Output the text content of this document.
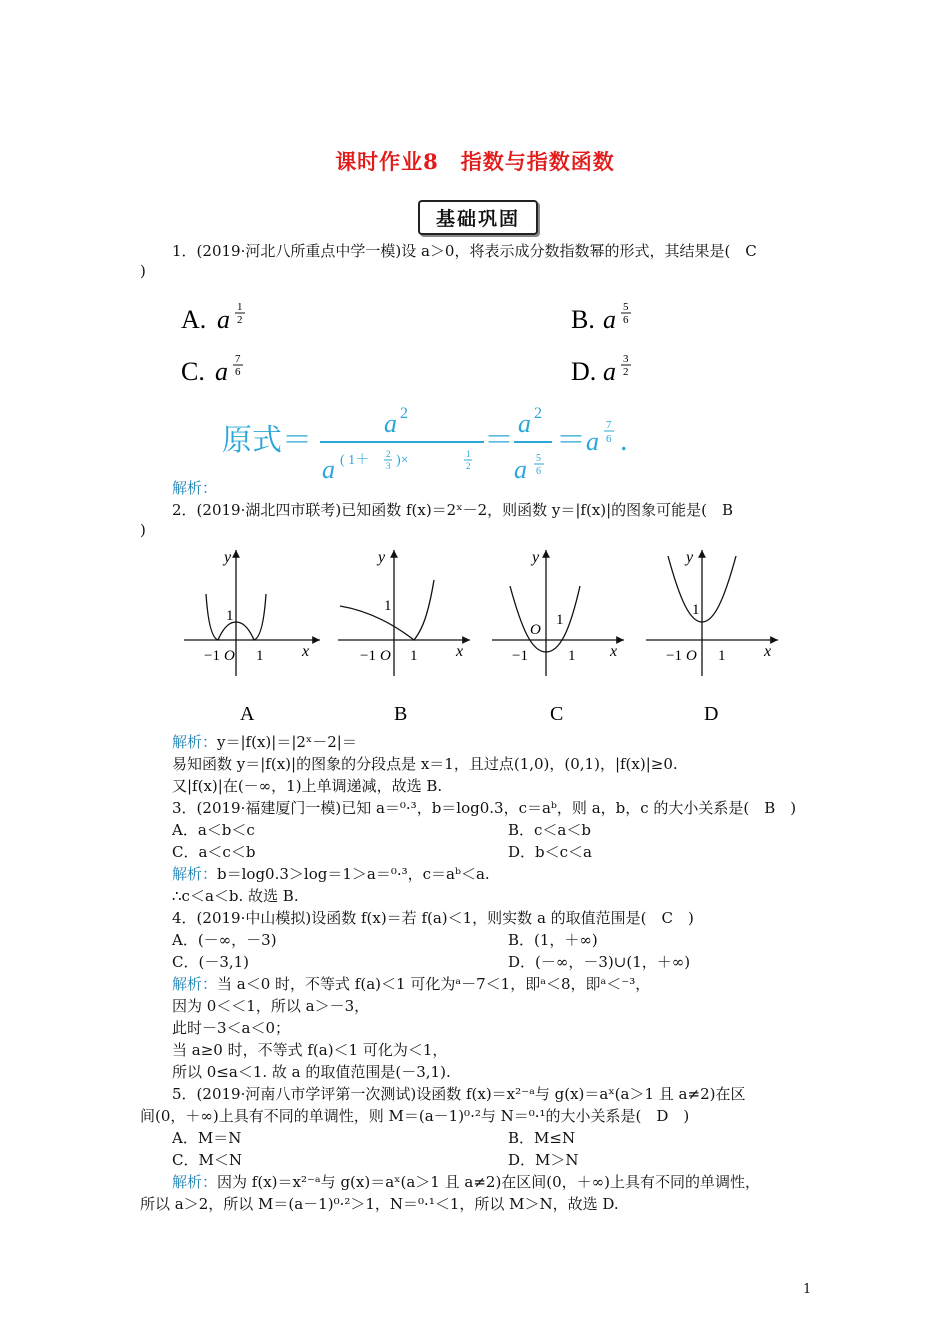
课时作业8　指数与指数函数
基础巩固
1．(2019·河北八所重点中学一模)设 a＞0，将表示成分数指数幂的形式，其结果是(　C
)
A. a 1
2	B. a 5
6
C. a 7
6	D. a 3
2
原式＝
a 2
a ( 1＋ 2
3 )×	1
2
＝
a 2
a 5
6
＝ a
7
6 .
解析：
2．(2019·湖北四市联考)已知函数 f(x)＝2ˣ－2，则函数 y＝|f(x)|的图象可能是(　B
)
y
x
1
−1 O 1
A
y
x
1
−1 O 1
B
y
x
1
O
−1	1
C
y
x
1
−1 O 1
D
解析：y＝|f(x)|＝|2ˣ－2|＝
易知函数 y＝|f(x)|的图象的分段点是 x＝1，且过点(1,0)，(0,1)，|f(x)|≥0.
又|f(x)|在(－∞，1)上单调递减，故选 B.
3．(2019·福建厦门一模)已知 a＝⁰·³，b＝log0.3，c＝aᵇ，则 a，b，c 的大小关系是(　B　)
A．a＜b＜c	B．c＜a＜b
C．a＜c＜b	D．b＜c＜a
解析：b＝log0.3＞log＝1＞a＝⁰·³，c＝aᵇ＜a.
∴c＜a＜b. 故选 B.
4．(2019·中山模拟)设函数 f(x)＝若 f(a)＜1，则实数 a 的取值范围是(　C　)
A．(－∞，－3)	B．(1，＋∞)
C．(－3,1)	D．(－∞，－3)∪(1，＋∞)
解析：当 a＜0 时，不等式 f(a)＜1 可化为ᵃ－7＜1，即ᵃ＜8，即ᵃ＜⁻³，
因为 0＜＜1，所以 a＞－3，
此时－3＜a＜0；
当 a≥0 时，不等式 f(a)＜1 可化为＜1，
所以 0≤a＜1. 故 a 的取值范围是(－3,1).
5．(2019·河南八市学评第一次测试)设函数 f(x)＝x²⁻ᵃ与 g(x)＝aˣ(a＞1 且 a≠2)在区
间(0，＋∞)上具有不同的单调性，则 M＝(a－1)⁰·²与 N＝⁰·¹的大小关系是(　D　)
A．M＝N	B．M≤N
C．M＜N	D．M＞N
解析：因为 f(x)＝x²⁻ᵃ与 g(x)＝aˣ(a＞1 且 a≠2)在区间(0，＋∞)上具有不同的单调性，
所以 a＞2，所以 M＝(a－1)⁰·²＞1，N＝⁰·¹＜1，所以 M＞N，故选 D.
1
